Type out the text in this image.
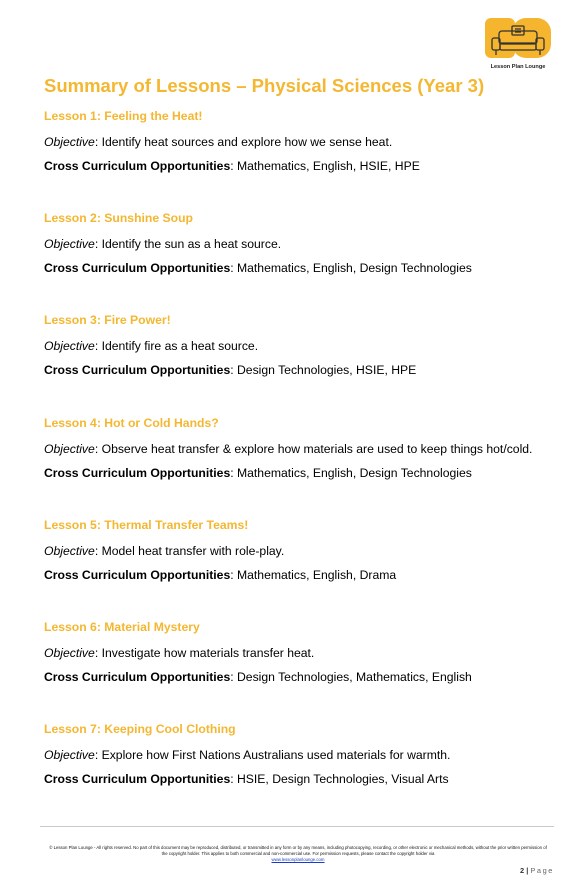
Lesson Plan Lounge
Summary of Lessons – Physical Sciences (Year 3)

Lesson 1: Feeling the Heat!

Objective: Identify heat sources and explore how we sense heat.

Cross Curriculum Opportunities: Mathematics, English, HSIE, HPE

Lesson 2: Sunshine Soup

Objective: Identify the sun as a heat source.

Cross Curriculum Opportunities: Mathematics, English, Design Technologies

Lesson 3: Fire Power!

Objective: Identify fire as a heat source.

Cross Curriculum Opportunities: Design Technologies, HSIE, HPE

Lesson 4: Hot or Cold Hands?

Objective: Observe heat transfer & explore how materials are used to keep things hot/cold.

Cross Curriculum Opportunities: Mathematics, English, Design Technologies

Lesson 5: Thermal Transfer Teams!

Objective: Model heat transfer with role-play.

Cross Curriculum Opportunities: Mathematics, English, Drama

Lesson 6: Material Mystery

Objective: Investigate how materials transfer heat.

Cross Curriculum Opportunities: Design Technologies, Mathematics, English

Lesson 7: Keeping Cool Clothing

Objective: Explore how First Nations Australians used materials for warmth.

Cross Curriculum Opportunities: HSIE, Design Technologies, Visual Arts

© Lesson Plan Lounge - All rights reserved. No part of this document may be reproduced, distributed, or transmitted in any form or by any means, including photocopying, recording, or other electronic or mechanical methods, without the prior written permission of the copyright holder. This applies to both commercial and non-commercial use. For permission requests, please contact the copyright holder via
www.lessonplanlounge.com
2 | Page
